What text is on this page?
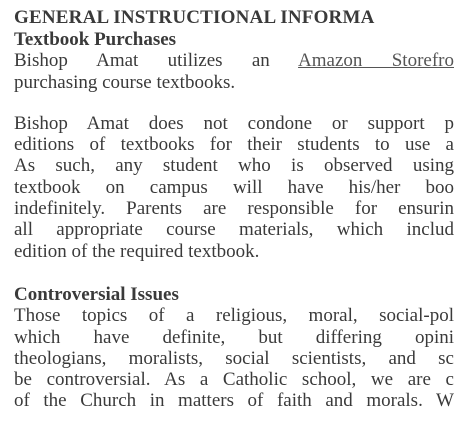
GENERAL INSTRUCTIONAL INFORMA
Textbook Purchases
Bishop Amat utilizes an Amazon Storefro
purchasing course textbooks.
Bishop Amat does not condone or support p
editions of textbooks for their students to use a
As such, any student who is observed using
textbook on campus will have his/her boo
indefinitely. Parents are responsible for ensurin
all appropriate course materials, which includ
edition of the required textbook.
Controversial Issues
Those topics of a religious, moral, social-pol
which have definite, but differing opini
theologians, moralists, social scientists, and sc
be controversial. As a Catholic school, we are c
of the Church in matters of faith and morals. W
